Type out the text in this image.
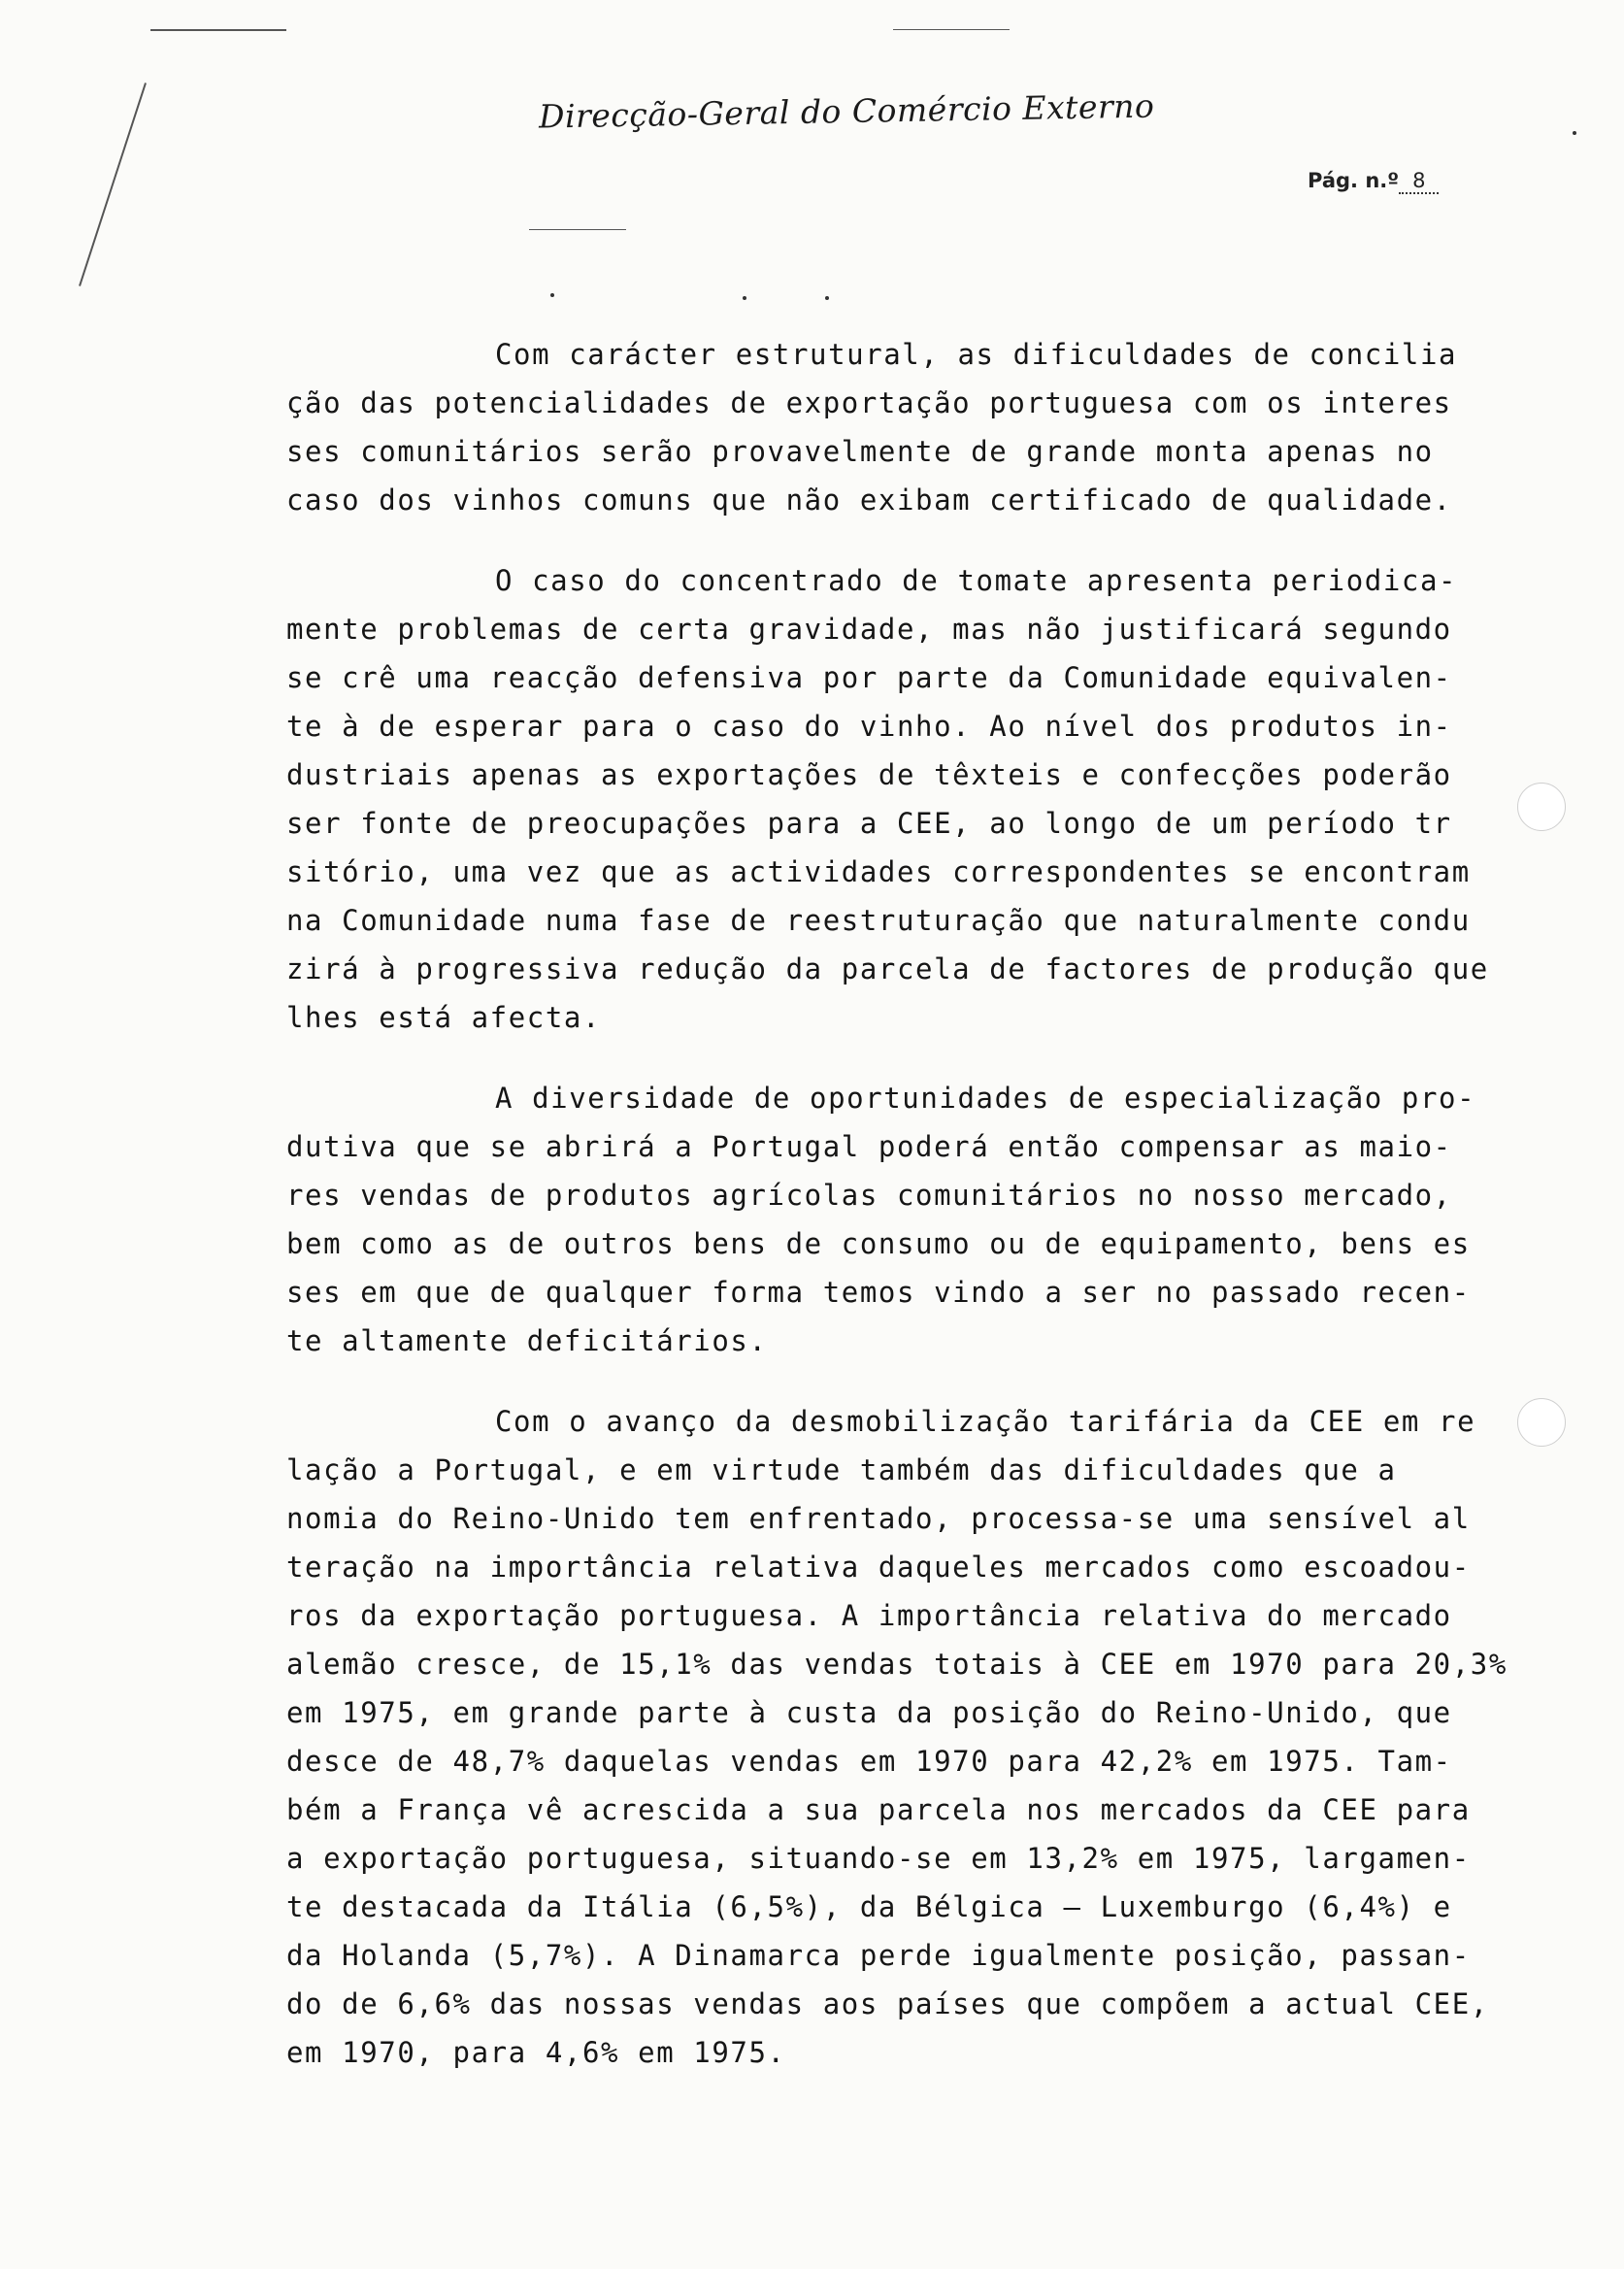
Direcção-Geral do Comércio Externo
Pág. n.º 8
Com carácter estrutural, as dificuldades de concilia
ção das potencialidades de exportação portuguesa com os interes
ses comunitários serão provavelmente de grande monta apenas no
caso dos vinhos comuns que não exibam certificado de qualidade.
O caso do concentrado de tomate apresenta periodica-
mente problemas de certa gravidade, mas não justificará segundo
se crê uma reacção defensiva por parte da Comunidade equivalen-
te à de esperar para o caso do vinho. Ao nível dos produtos in-
dustriais apenas as exportações de têxteis e confecções poderão
ser fonte de preocupações para a CEE, ao longo de um período tr
sitório, uma vez que as actividades correspondentes se encontram
na Comunidade numa fase de reestruturação que naturalmente condu
zirá à progressiva redução da parcela de factores de produção que
lhes está afecta.
A diversidade de oportunidades de especialização pro-
dutiva que se abrirá a Portugal poderá então compensar as maio-
res vendas de produtos agrícolas comunitários no nosso mercado,
bem como as de outros bens de consumo ou de equipamento, bens es
ses em que de qualquer forma temos vindo a ser no passado recen-
te altamente deficitários.
Com o avanço da desmobilização tarifária da CEE em re
lação a Portugal, e em virtude também das dificuldades que a
nomia do Reino-Unido tem enfrentado, processa-se uma sensível al
teração na importância relativa daqueles mercados como escoadou-
ros da exportação portuguesa. A importância relativa do mercado
alemão cresce, de 15,1% das vendas totais à CEE em 1970 para 20,3%
em 1975, em grande parte à custa da posição do Reino-Unido, que
desce de 48,7% daquelas vendas em 1970 para 42,2% em 1975. Tam-
bém a França vê acrescida a sua parcela nos mercados da CEE para
a exportação portuguesa, situando-se em 13,2% em 1975, largamen-
te destacada da Itália (6,5%), da Bélgica — Luxemburgo (6,4%) e
da Holanda (5,7%). A Dinamarca perde igualmente posição, passan-
do de 6,6% das nossas vendas aos países que compõem a actual CEE,
em 1970, para 4,6% em 1975.
